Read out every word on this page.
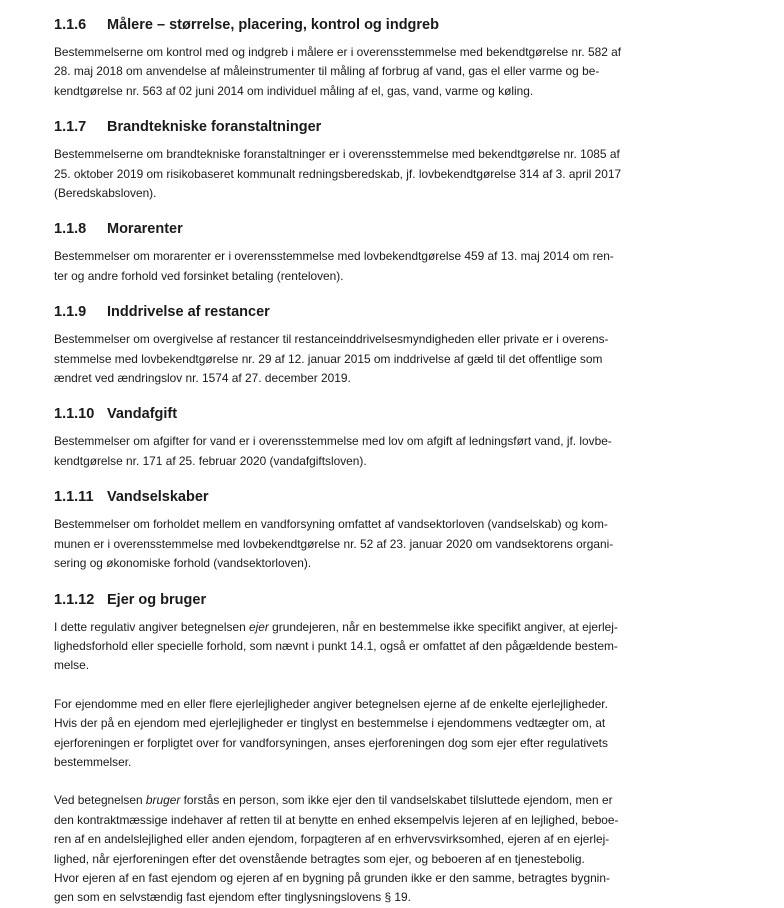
1.1.6	Målere – størrelse, placering, kontrol og indgreb

Bestemmelserne om kontrol med og indgreb i målere er i overensstemmelse med bekendtgørelse nr. 582 af
28. maj 2018 om anvendelse af måleinstrumenter til måling af forbrug af vand, gas el eller varme og be-
kendtgørelse nr. 563 af 02 juni 2014 om individuel måling af el, gas, vand, varme og køling.

1.1.7	Brandtekniske foranstaltninger

Bestemmelserne om brandtekniske foranstaltninger er i overensstemmelse med bekendtgørelse nr. 1085 af
25. oktober 2019 om risikobaseret kommunalt redningsberedskab, jf. lovbekendtgørelse 314 af 3. april 2017
(Beredskabsloven).

1.1.8	Morarenter

Bestemmelser om morarenter er i overensstemmelse med lovbekendtgørelse 459 af 13. maj 2014 om ren-
ter og andre forhold ved forsinket betaling (renteloven).

1.1.9	Inddrivelse af restancer

Bestemmelser om overgivelse af restancer til restanceinddrivelsesmyndigheden eller private er i overens-
stemmelse med lovbekendtgørelse nr. 29 af 12. januar 2015 om inddrivelse af gæld til det offentlige som
ændret ved ændringslov nr. 1574 af 27. december 2019.

1.1.10 Vandafgift

Bestemmelser om afgifter for vand er i overensstemmelse med lov om afgift af ledningsført vand, jf. lovbe-
kendtgørelse nr. 171 af 25. februar 2020 (vandafgiftsloven).

1.1.11 Vandselskaber

Bestemmelser om forholdet mellem en vandforsyning omfattet af vandsektorloven (vandselskab) og kom-
munen er i overensstemmelse med lovbekendtgørelse nr. 52 af 23. januar 2020 om vandsektorens organi-
sering og økonomiske forhold (vandsektorloven).

1.1.12 Ejer og bruger

I dette regulativ angiver betegnelsen ejer grundejeren, når en bestemmelse ikke specifikt angiver, at ejerlej-
lighedsforhold eller specielle forhold, som nævnt i punkt 14.1, også er omfattet af den pågældende bestem-
melse.

For ejendomme med en eller flere ejerlejligheder angiver betegnelsen ejerne af de enkelte ejerlejligheder.
Hvis der på en ejendom med ejerlejligheder er tinglyst en bestemmelse i ejendommens vedtægter om, at
ejerforeningen er forpligtet over for vandforsyningen, anses ejerforeningen dog som ejer efter regulativets
bestemmelser.

Ved betegnelsen bruger forstås en person, som ikke ejer den til vandselskabet tilsluttede ejendom, men er
den kontraktmæssige indehaver af retten til at benytte en enhed eksempelvis lejeren af en lejlighed, beboe-
ren af en andelslejlighed eller anden ejendom, forpagteren af en erhvervsvirksomhed, ejeren af en ejerlej-
lighed, når ejerforeningen efter det ovenstående betragtes som ejer, og beboeren af en tjenestebolig.
Hvor ejeren af en fast ejendom og ejeren af en bygning på grunden ikke er den samme, betragtes bygnin-
gen som en selvstændig fast ejendom efter tinglysningslovens § 19.
